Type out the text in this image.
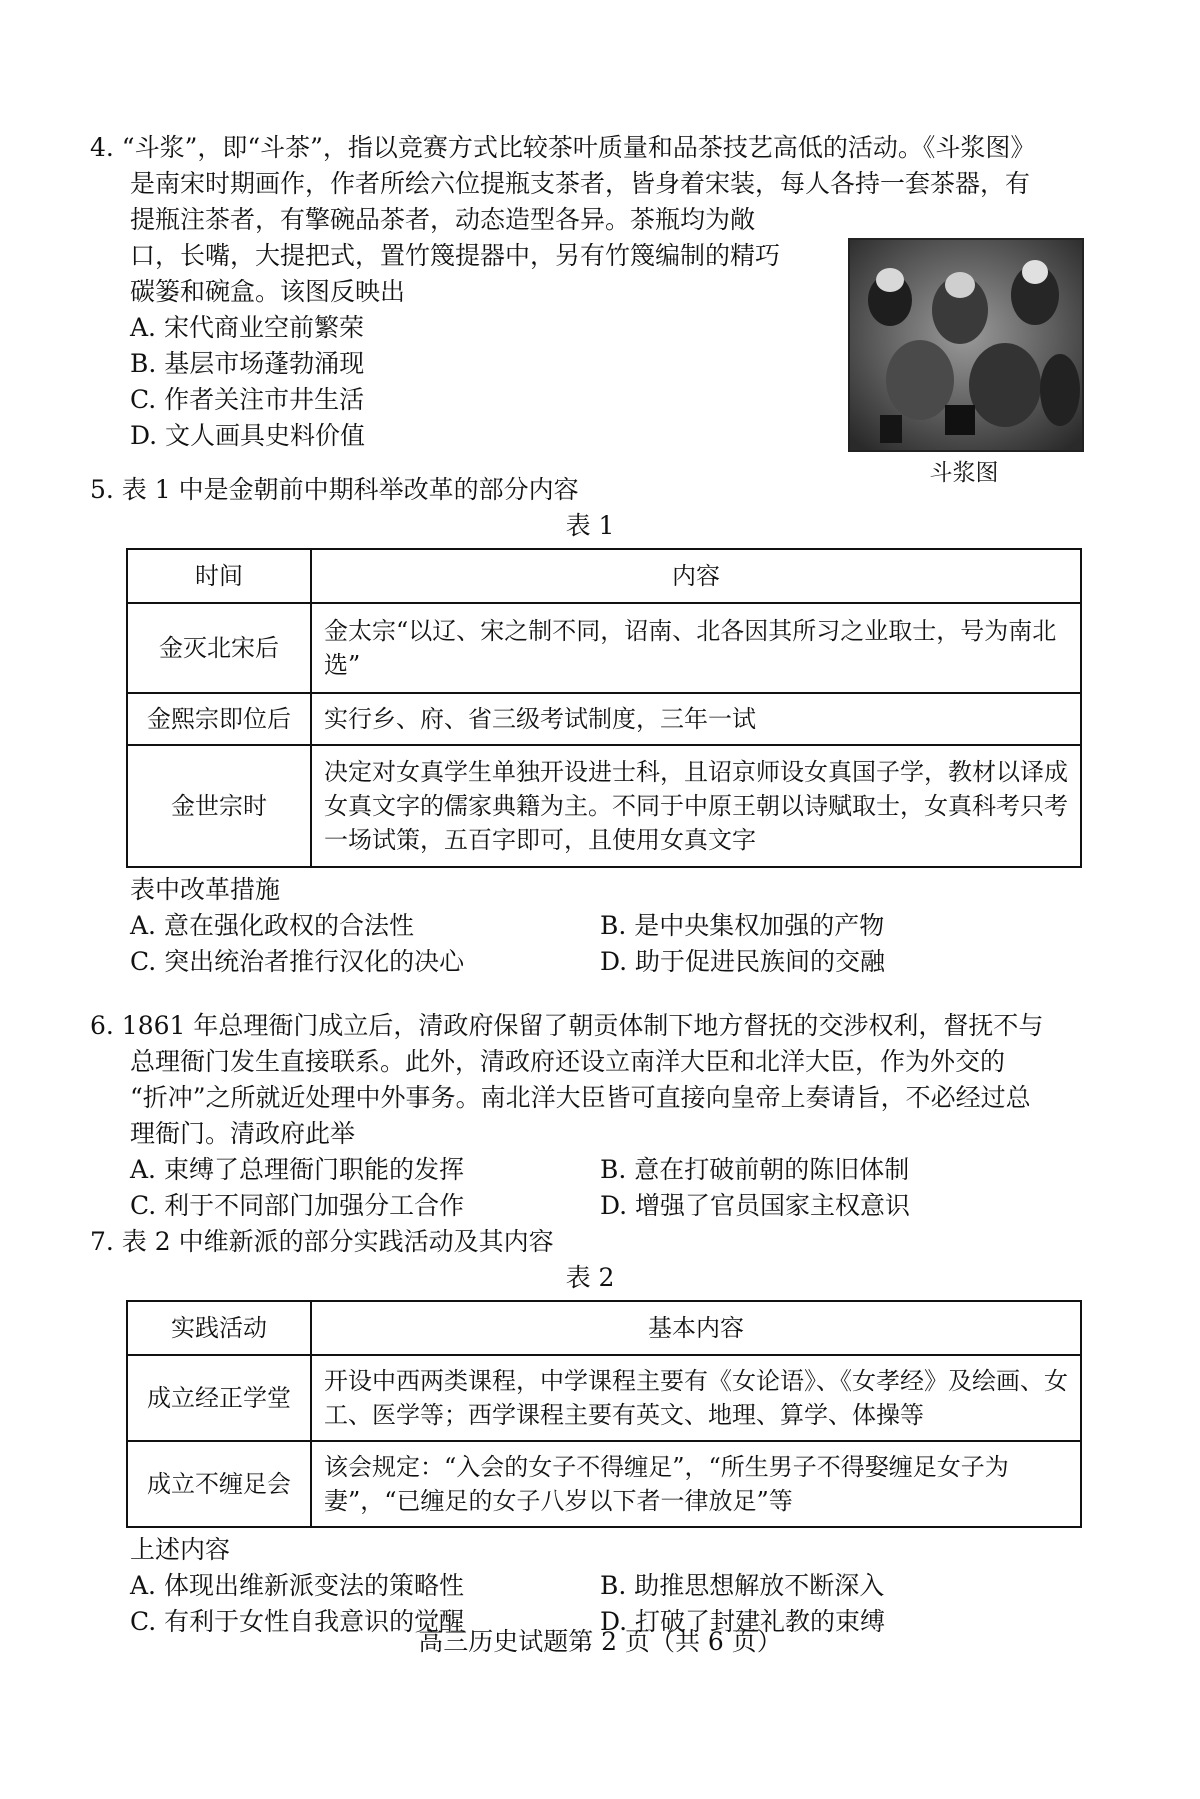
4. “斗浆”，即“斗茶”，指以竞赛方式比较茶叶质量和品茶技艺高低的活动。《斗浆图》
是南宋时期画作，作者所绘六位提瓶支茶者，皆身着宋装，每人各持一套茶器，有
提瓶注茶者，有擎碗品茶者，动态造型各异。茶瓶均为敞
口，长嘴，大提把式，置竹篾提器中，另有竹篾编制的精巧
碳篓和碗盒。该图反映出
A. 宋代商业空前繁荣
B. 基层市场蓬勃涌现
C. 作者关注市井生活
D. 文人画具史料价值
斗浆图
5. 表 1 中是金朝前中期科举改革的部分内容
表 1
时间	内容
金灭北宋后	金太宗“以辽、宋之制不同，诏南、北各因其所习之业取士，号为南北选”
金熙宗即位后	实行乡、府、省三级考试制度，三年一试
金世宗时	决定对女真学生单独开设进士科，且诏京师设女真国子学，教材以译成女真文字的儒家典籍为主。不同于中原王朝以诗赋取士，女真科考只考一场试策，五百字即可，且使用女真文字
表中改革措施
A. 意在强化政权的合法性	B. 是中央集权加强的产物
C. 突出统治者推行汉化的决心	D. 助于促进民族间的交融
6. 1861 年总理衙门成立后，清政府保留了朝贡体制下地方督抚的交涉权利，督抚不与
总理衙门发生直接联系。此外，清政府还设立南洋大臣和北洋大臣，作为外交的
“折冲”之所就近处理中外事务。南北洋大臣皆可直接向皇帝上奏请旨，不必经过总
理衙门。清政府此举
A. 束缚了总理衙门职能的发挥	B. 意在打破前朝的陈旧体制
C. 利于不同部门加强分工合作	D. 增强了官员国家主权意识
7. 表 2 中维新派的部分实践活动及其内容
表 2
实践活动	基本内容
成立经正学堂	开设中西两类课程，中学课程主要有《女论语》、《女孝经》及绘画、女工、医学等；西学课程主要有英文、地理、算学、体操等
成立不缠足会	该会规定：“入会的女子不得缠足”，“所生男子不得娶缠足女子为妻”，“已缠足的女子八岁以下者一律放足”等
上述内容
A. 体现出维新派变法的策略性	B. 助推思想解放不断深入
C. 有利于女性自我意识的觉醒	D. 打破了封建礼教的束缚
高三历史试题第 2 页（共 6 页）
